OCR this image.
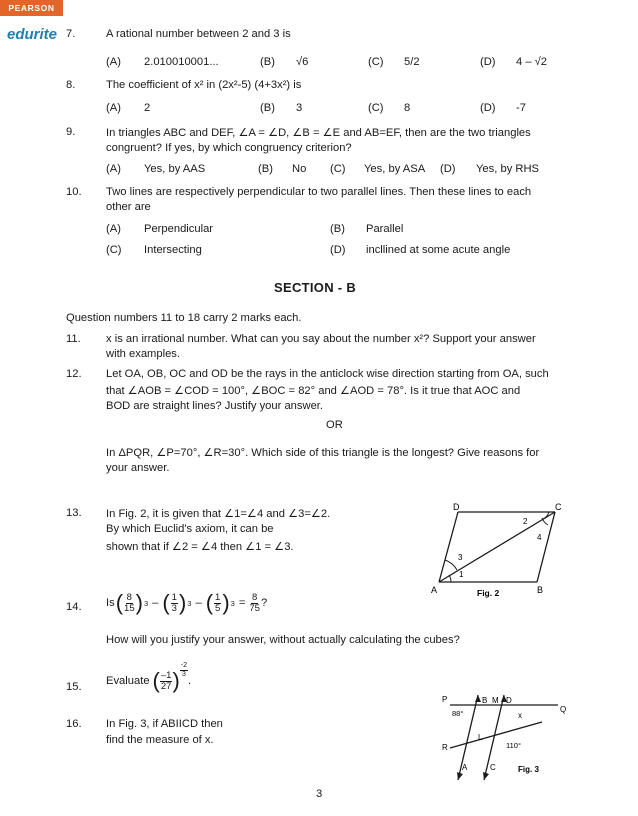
PEARSON
edurite 7.	A rational number between 2 and 3 is
(A) 2.010010001...	(B) √6	(C) 5/2	(D) 4 – √2
8.	The coefficient of x² in (2x²-5) (4+3x²) is
(A) 2	(B) 3	(C) 8	(D) -7
9.	In triangles ABC and DEF, ∠A = ∠D, ∠B = ∠E and AB=EF, then are the two triangles
congruent? If yes, by which congruency criterion?
(A) Yes, by AAS	(B) No (C) Yes, by ASA (D) Yes, by RHS
10. Two lines are respectively perpendicular to two parallel lines. Then these lines to each
other are
(A) Perpendicular	(B) Parallel
(C) Intersecting	(D) incllined at some acute angle
SECTION - B
Question numbers 11 to 18 carry 2 marks each.
11. x is an irrational number. What can you say about the number x²? Support your answer
with examples.
12. Let OA, OB, OC and OD be the rays in the anticlock wise direction starting from OA, such
that ∠AOB = ∠COD = 100°, ∠BOC = 82° and ∠AOD = 78°. Is it true that AOC and
BOD are straight lines? Justify your answer.
OR
In ΔPQR, ∠P=70°, ∠R=30°. Which side of this triangle is the longest? Give reasons for
your answer.
13. In Fig. 2, it is given that ∠1=∠4 and ∠3=∠2.
By which Euclid's axiom, it can be
shown that if ∠2 = ∠4 then ∠1 = ∠3.
A	B
C
D
1
3
2
4
Fig. 2
14. Is ( $\frac{8}{15}$ ) 3 – ( $\frac{1}{3}$ ) 3 – ( $\frac{1}{5}$ ) $3 = \frac{8}{75}$ ?
How will you justify your answer, without actually calculating the cubes?
15. Evaluate ( $\frac{-1}{27}$ ) $\frac{-2}{3}$
.
16. In Fig. 3, if ABIICD then
find the measure of x.
P
Q
R
B M D
L
A	C
x
88°
110°
Fig. 3
3
